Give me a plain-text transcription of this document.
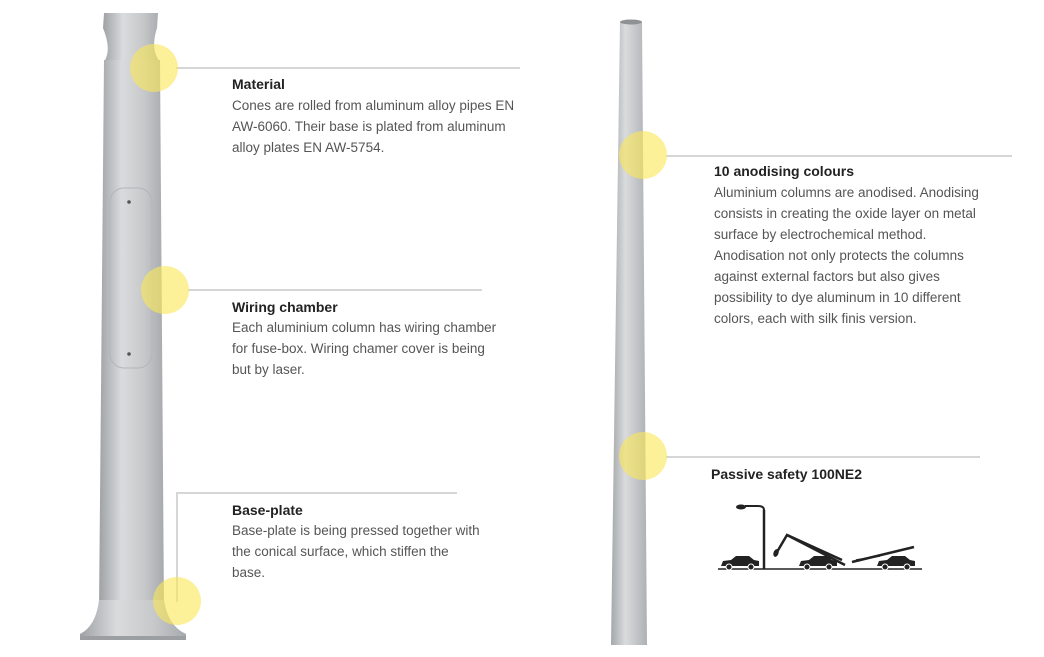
Material
Cones are rolled from aluminum alloy pipes EN
AW-6060. Their base is plated from aluminum
alloy plates EN AW-5754.
Wiring chamber
Each aluminium column has wiring chamber
for fuse-box. Wiring chamer cover is being
but by laser.
Base-plate
Base-plate is being pressed together with
the conical surface, which stiffen the
base.
10 anodising colours
Aluminium columns are anodised. Anodising
consists in creating the oxide layer on metal
surface by electrochemical method.
Anodisation not only protects the columns
against external factors but also gives
possibility to dye aluminum in 10 different
colors, each with silk finis version.
Passive safety 100NE2
